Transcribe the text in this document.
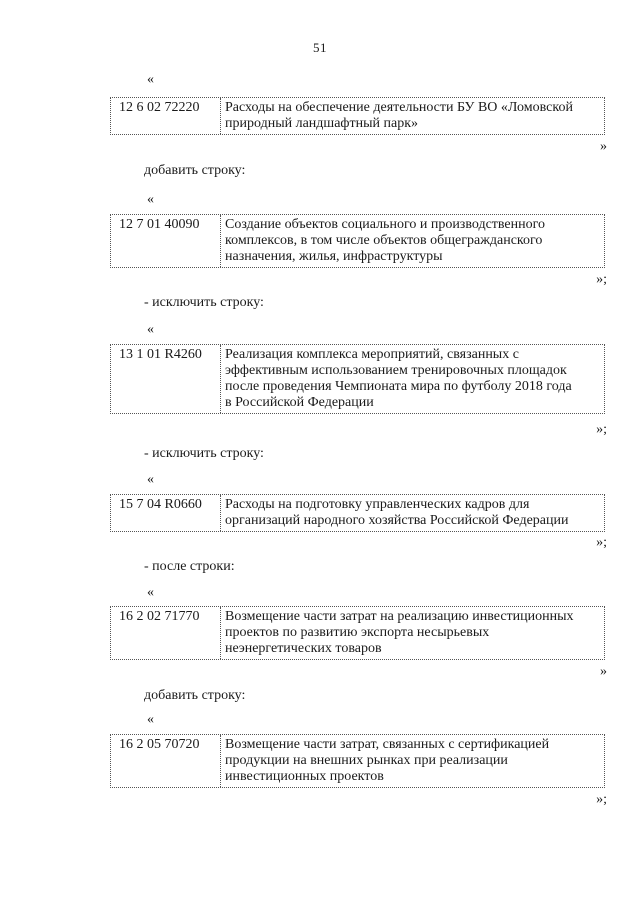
51
«
12 6 02 72220	Расходы на обеспечение деятельности БУ ВО «Ломовской
природный ландшафтный парк»
»
добавить строку:
«
12 7 01 40090	Создание объектов социального и производственного
комплексов, в том числе объектов общегражданского
назначения, жилья, инфраструктуры
»;
- исключить строку:
«
13 1 01 R4260	Реализация комплекса мероприятий, связанных с
эффективным использованием тренировочных площадок
после проведения Чемпионата мира по футболу 2018 года
в Российской Федерации
»;
- исключить строку:
«
15 7 04 R0660	Расходы на подготовку управленческих кадров для
организаций народного хозяйства Российской Федерации
»;
- после строки:
«
16 2 02 71770	Возмещение части затрат на реализацию инвестиционных
проектов по развитию экспорта несырьевых
неэнергетических товаров
»
добавить строку:
«
16 2 05 70720	Возмещение части затрат, связанных с сертификацией
продукции на внешних рынках при реализации
инвестиционных проектов
»;
